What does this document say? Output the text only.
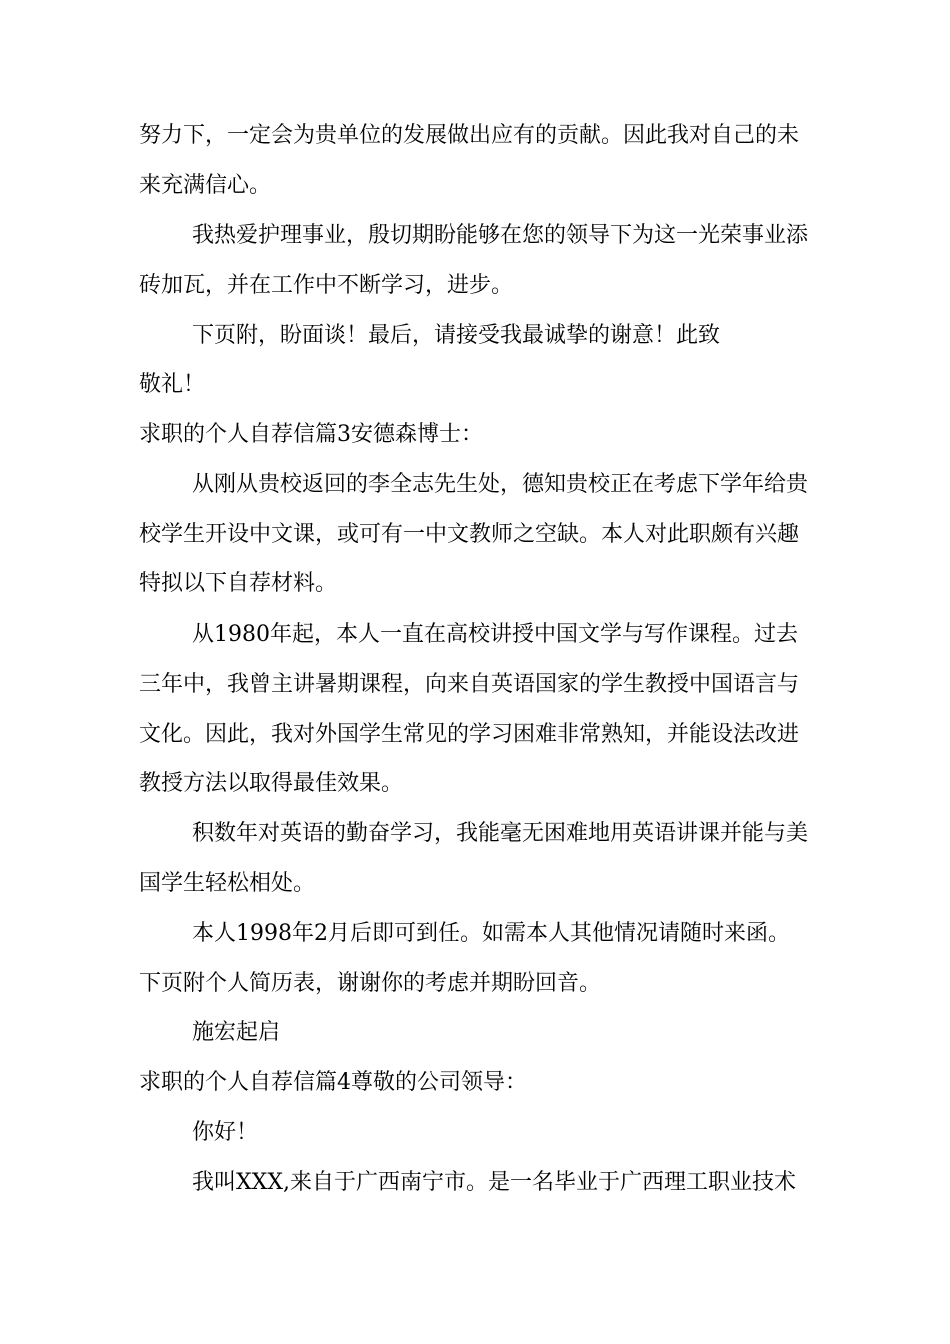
努力下，一定会为贵单位的发展做出应有的贡献。因此我对自己的未
来充满信心。
我热爱护理事业，殷切期盼能够在您的领导下为这一光荣事业添
砖加瓦，并在工作中不断学习，进步。
下页附，盼面谈！最后，请接受我最诚挚的谢意！此致
敬礼！
求职的个人自荐信篇3安德森博士：
从刚从贵校返回的李全志先生处，德知贵校正在考虑下学年给贵
校学生开设中文课，或可有一中文教师之空缺。本人对此职颇有兴趣
特拟以下自荐材料。
从1980年起，本人一直在高校讲授中国文学与写作课程。过去
三年中，我曾主讲暑期课程，向来自英语国家的学生教授中国语言与
文化。因此，我对外国学生常见的学习困难非常熟知，并能设法改进
教授方法以取得最佳效果。
积数年对英语的勤奋学习，我能毫无困难地用英语讲课并能与美
国学生轻松相处。
本人1998年2月后即可到任。如需本人其他情况请随时来函。
下页附个人简历表，谢谢你的考虑并期盼回音。
施宏起启
求职的个人自荐信篇4尊敬的公司领导：
你好！
我叫XXX,来自于广西南宁市。是一名毕业于广西理工职业技术
